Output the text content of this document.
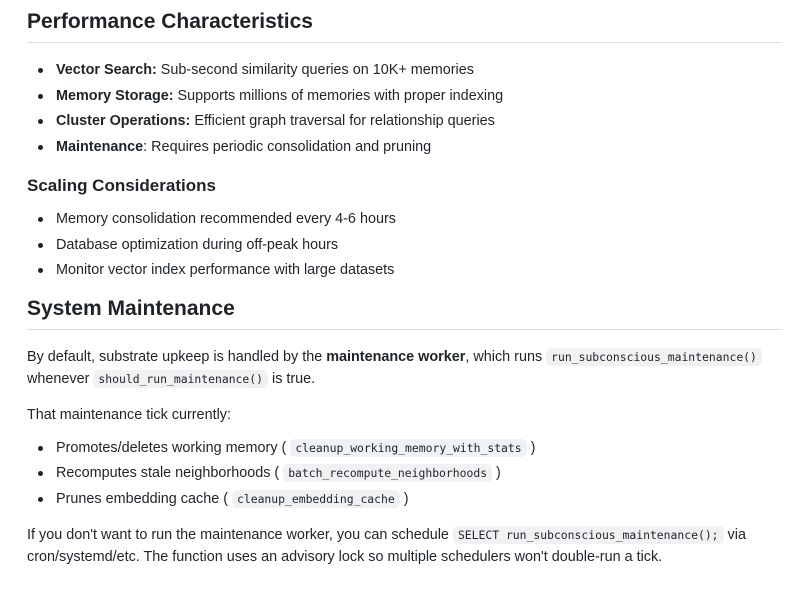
Performance Characteristics
Vector Search: Sub-second similarity queries on 10K+ memories
Memory Storage: Supports millions of memories with proper indexing
Cluster Operations: Efficient graph traversal for relationship queries
Maintenance: Requires periodic consolidation and pruning
Scaling Considerations
Memory consolidation recommended every 4-6 hours
Database optimization during off-peak hours
Monitor vector index performance with large datasets
System Maintenance

By default, substrate upkeep is handled by the maintenance worker, which runs run_subconscious_maintenance() whenever should_run_maintenance() is true.

That maintenance tick currently:

Promotes/deletes working memory ( cleanup_working_memory_with_stats )
Recomputes stale neighborhoods ( batch_recompute_neighborhoods )
Prunes embedding cache ( cleanup_embedding_cache )

If you don't want to run the maintenance worker, you can schedule SELECT run_subconscious_maintenance(); via cron/systemd/etc. The function uses an advisory lock so multiple schedulers won't double-run a tick.
